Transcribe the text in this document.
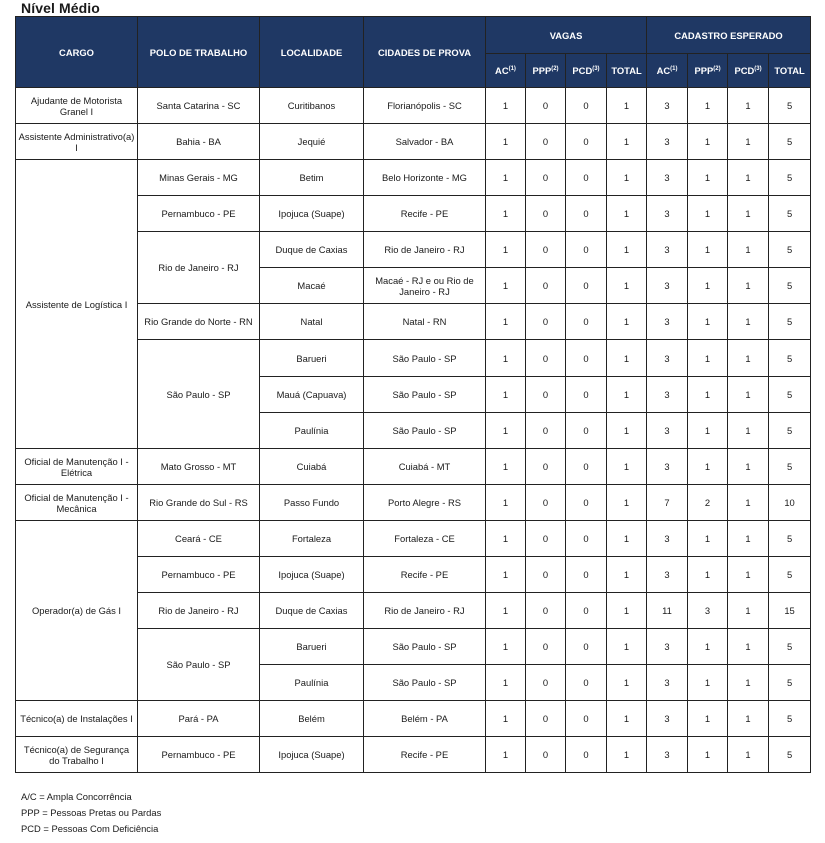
Nível Médio
CARGO	POLO DE TRABALHO	LOCALIDADE	CIDADES DE PROVA	VAGAS				CADASTRO ESPERADO			
				AC$^{(1)}$	PPP$^{(2)}$	PCD$^{(3)}$	TOTAL	AC$^{(1)}$	PPP$^{(2)}$	PCD$^{(3)}$	TOTAL
Ajudante de Motorista Granel I	Santa Catarina - SC	Curitibanos	Florianópolis - SC	1	0	0	1	3	1	1	5
Assistente Administrativo(a) I	Bahia - BA	Jequié	Salvador - BA	1	0	0	1	3	1	1	5
Assistente de Logística I	Minas Gerais - MG	Betim	Belo Horizonte - MG	1	0	0	1	3	1	1	5
	Pernambuco - PE	Ipojuca (Suape)	Recife - PE	1	0	0	1	3	1	1	5
	Rio de Janeiro - RJ	Duque de Caxias	Rio de Janeiro - RJ	1	0	0	1	3	1	1	5
		Macaé	Macaé - RJ e ou Rio de Janeiro - RJ	1	0	0	1	3	1	1	5
	Rio Grande do Norte - RN	Natal	Natal - RN	1	0	0	1	3	1	1	5
	São Paulo - SP	Barueri	São Paulo - SP	1	0	0	1	3	1	1	5
		Mauá (Capuava)	São Paulo - SP	1	0	0	1	3	1	1	5
		Paulínia	São Paulo - SP	1	0	0	1	3	1	1	5
Oficial de Manutenção I - Elétrica	Mato Grosso - MT	Cuiabá	Cuiabá - MT	1	0	0	1	3	1	1	5
Oficial de Manutenção I - Mecânica	Rio Grande do Sul - RS	Passo Fundo	Porto Alegre - RS	1	0	0	1	7	2	1	10
Operador(a) de Gás I	Ceará - CE	Fortaleza	Fortaleza - CE	1	0	0	1	3	1	1	5
	Pernambuco - PE	Ipojuca (Suape)	Recife - PE	1	0	0	1	3	1	1	5
	Rio de Janeiro - RJ	Duque de Caxias	Rio de Janeiro - RJ	1	0	0	1	11	3	1	15
	São Paulo - SP	Barueri	São Paulo - SP	1	0	0	1	3	1	1	5
		Paulínia	São Paulo - SP	1	0	0	1	3	1	1	5
Técnico(a) de Instalações I	Pará - PA	Belém	Belém - PA	1	0	0	1	3	1	1	5
Técnico(a) de Segurança do Trabalho I	Pernambuco - PE	Ipojuca (Suape)	Recife - PE	1	0	0	1	3	1	1	5
A/C = Ampla Concorrência
PPP = Pessoas Pretas ou Pardas
PCD = Pessoas Com Deficiência
